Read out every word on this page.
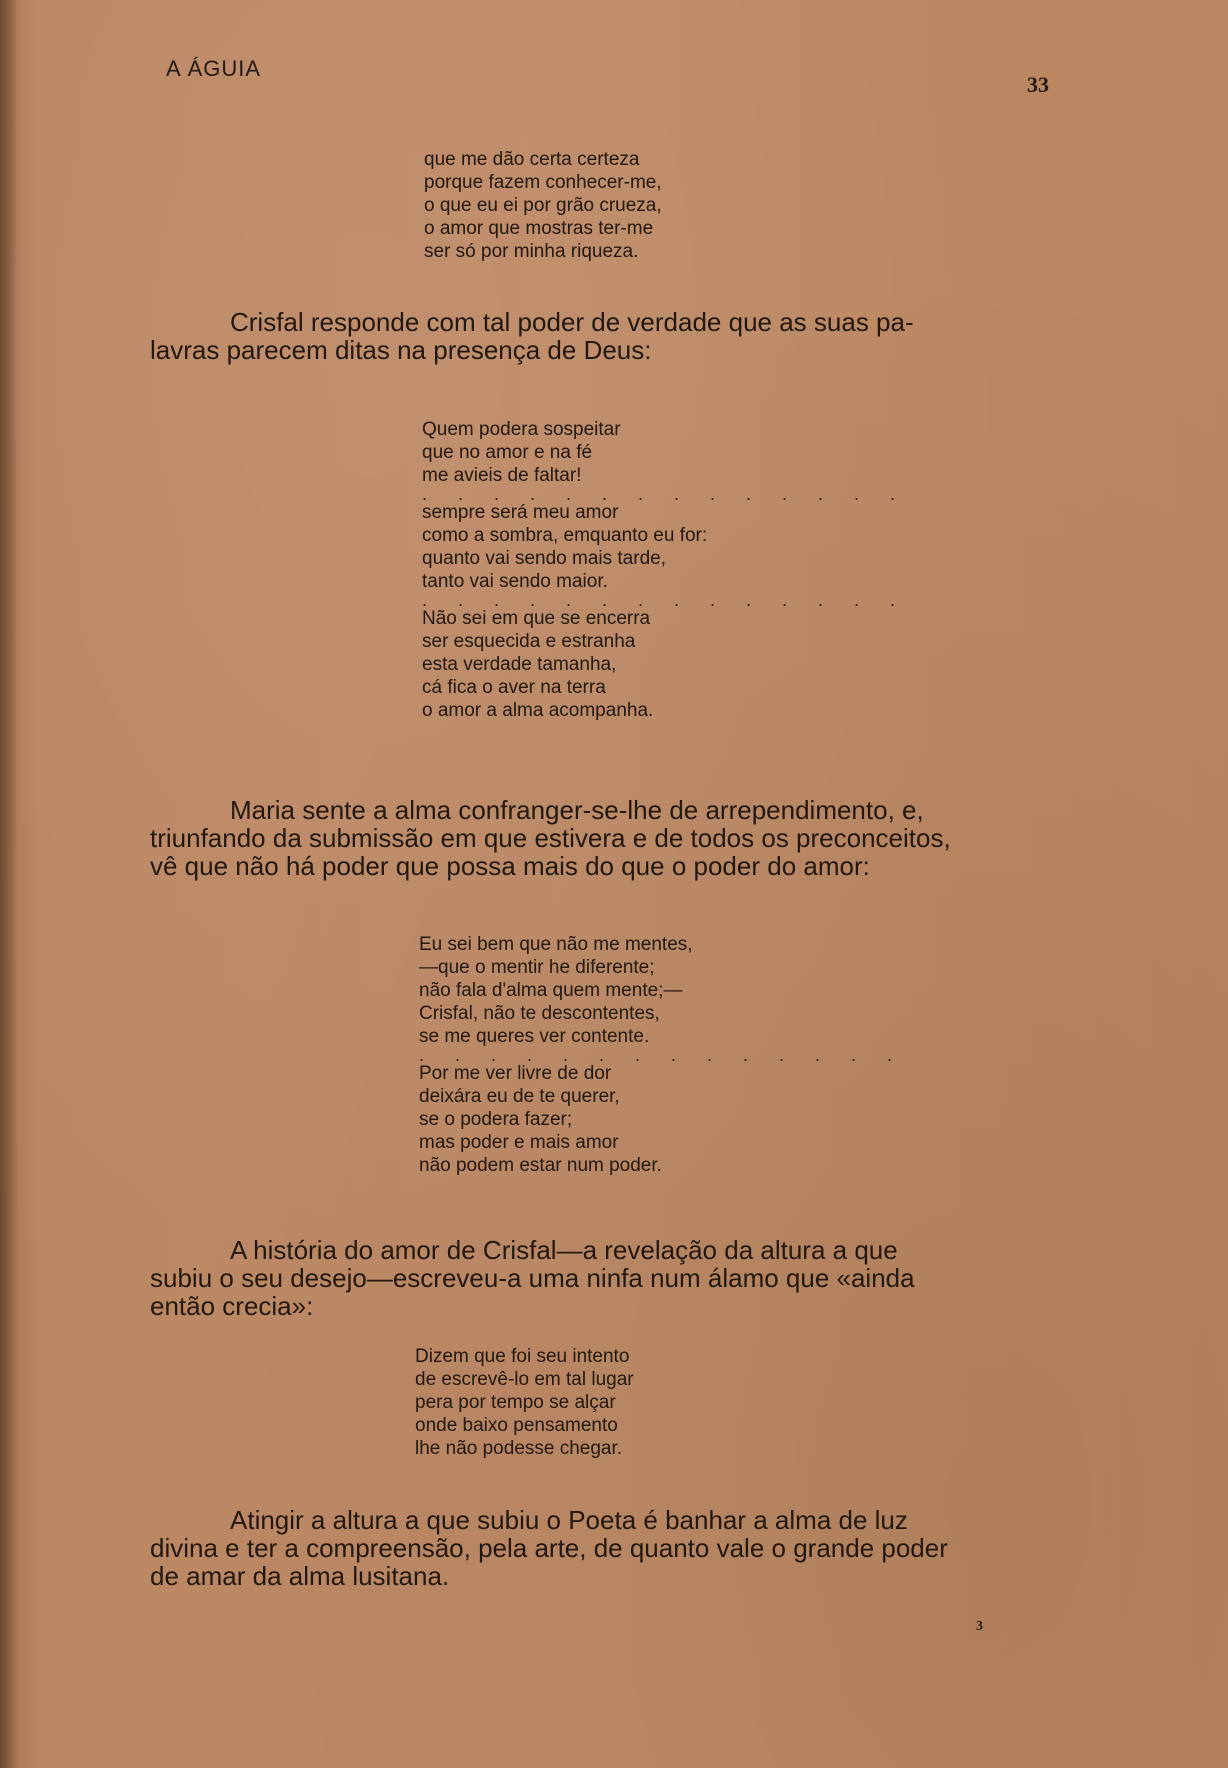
A ÁGUIA
33
que me dão certa certeza
porque fazem conhecer-me,
o que eu ei por grão crueza,
o amor que mostras ter-me
ser só por minha riqueza.
Crisfal responde com tal poder de verdade que as suas pa-
lavras parecem ditas na presença de Deus:
Quem podera sospeitar
que no amor e na fé
me avieis de faltar!
. . . . . . . . . . . . . .
sempre será meu amor
como a sombra, emquanto eu for:
quanto vai sendo mais tarde,
tanto vai sendo maior.
. . . . . . . . . . . . . .
Não sei em que se encerra
ser esquecida e estranha
esta verdade tamanha,
cá fica o aver na terra
o amor a alma acompanha.
Maria sente a alma confranger-se-lhe de arrependimento, e,
triunfando da submissão em que estivera e de todos os preconceitos,
vê que não há poder que possa mais do que o poder do amor:
Eu sei bem que não me mentes,
—que o mentir he diferente;
não fala d'alma quem mente;—
Crisfal, não te descontentes,
se me queres ver contente.
. . . . . . . . . . . . . .
Por me ver livre de dor
deixára eu de te querer,
se o podera fazer;
mas poder e mais amor
não podem estar num poder.
A história do amor de Crisfal—a revelação da altura a que
subiu o seu desejo—escreveu-a uma ninfa num álamo que «ainda
então crecia»:
Dizem que foi seu intento
de escrevê-lo em tal lugar
pera por tempo se alçar
onde baixo pensamento
lhe não podesse chegar.
Atingir a altura a que subiu o Poeta é banhar a alma de luz
divina e ter a compreensão, pela arte, de quanto vale o grande poder
de amar da alma lusitana.
3
